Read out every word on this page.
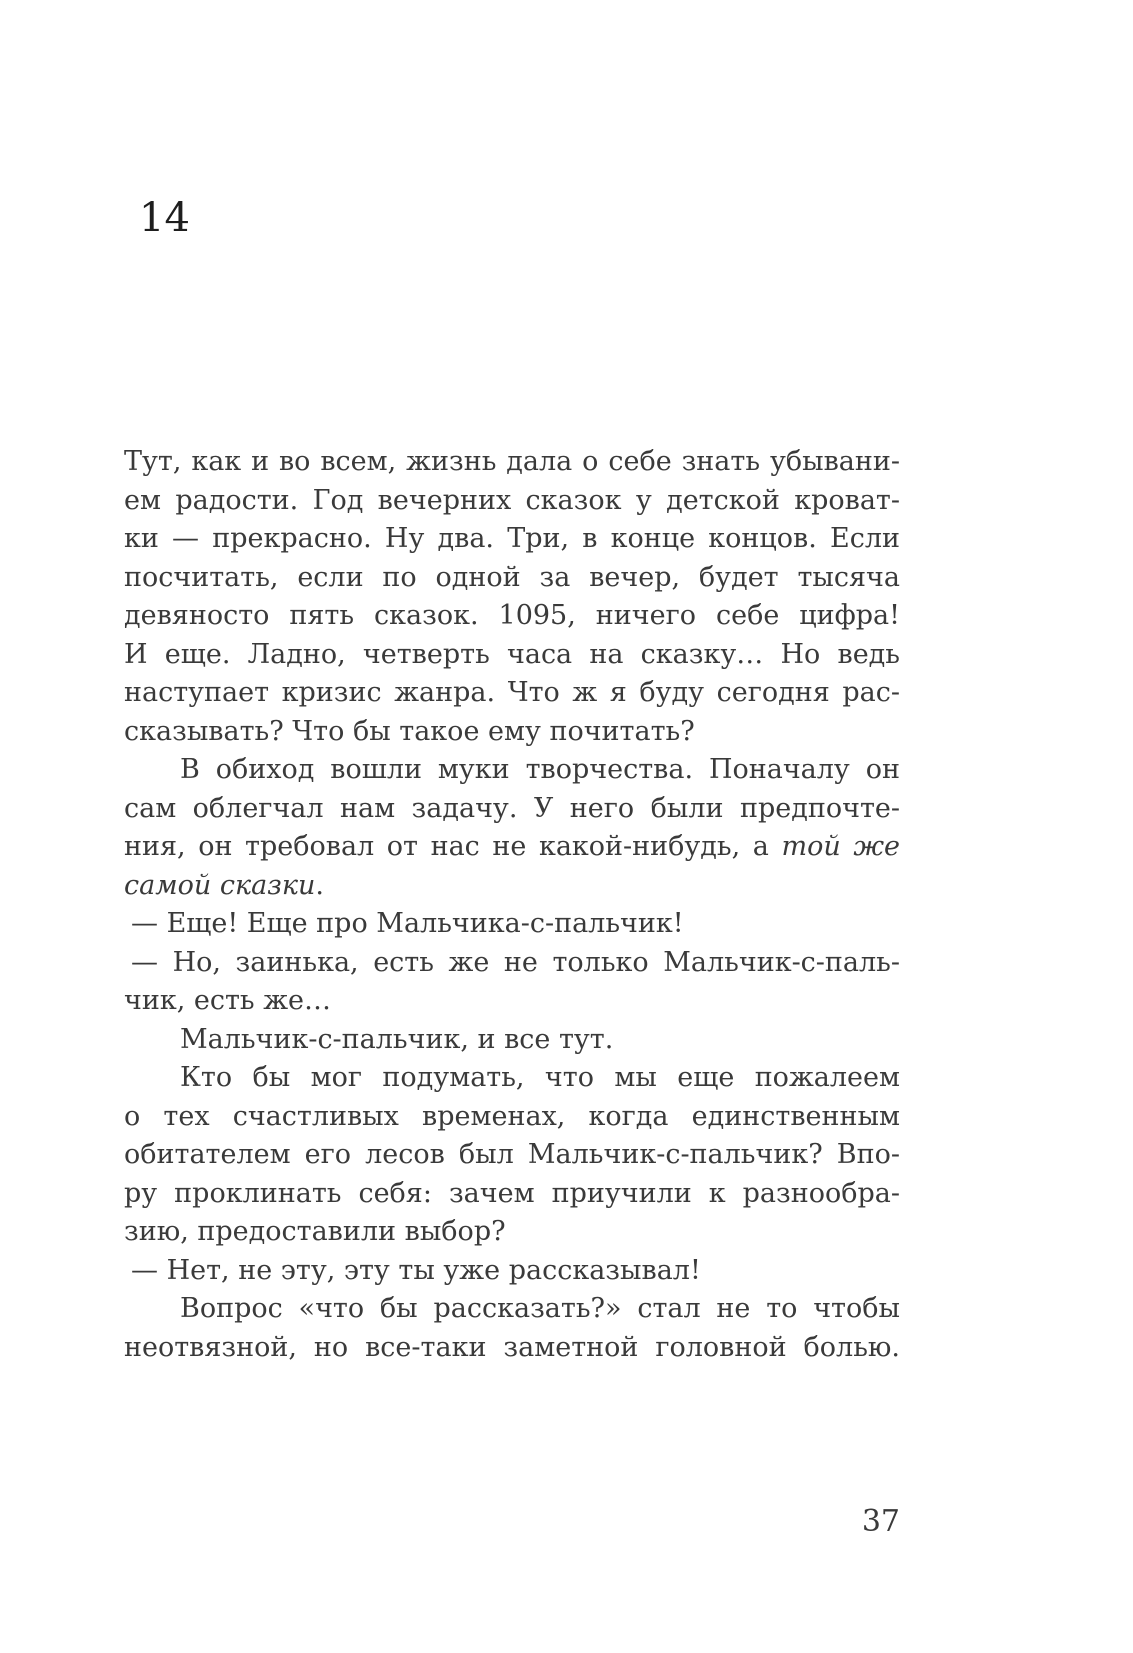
14
Тут, как и во всем, жизнь дала о себе знать убывани-
ем радости. Год вечерних сказок у детской кроват-
ки — прекрасно. Ну два. Три, в конце концов. Если
посчитать, если по одной за вечер, будет тысяча
девяносто пять сказок. 1095, ничего себе цифра!
И еще. Ладно, четверть часа на сказку… Но ведь
наступает кризис жанра. Что ж я буду сегодня рас-
сказывать? Что бы такое ему почитать?
В обиход вошли муки творчества. Поначалу он
сам облегчал нам задачу. У него были предпочте-
ния, он требовал от нас не какой-нибудь, а той же
самой сказки.
— Еще! Еще про Мальчика-с-пальчик!
— Но, заинька, есть же не только Мальчик-с-паль-
чик, есть же…
Мальчик-с-пальчик, и все тут.
Кто бы мог подумать, что мы еще пожалеем
о тех счастливых временах, когда единственным
обитателем его лесов был Мальчик-с-пальчик? Впо-
ру проклинать себя: зачем приучили к разнообра-
зию, предоставили выбор?
— Нет, не эту, эту ты уже рассказывал!
Вопрос «что бы рассказать?» стал не то чтобы
неотвязной, но все-таки заметной головной болью.
37
